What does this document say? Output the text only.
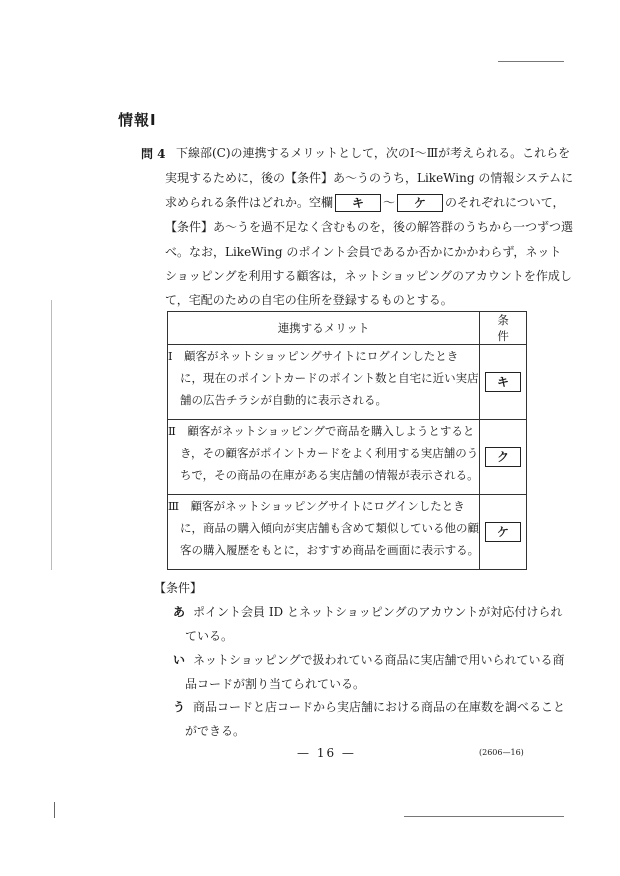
情報Ⅰ
問 4 下線部(C)の連携するメリットとして，次のⅠ～Ⅲが考えられる。これらを
実現するために，後の【条件】あ～うのうち，LikeWing の情報システムに
求められる条件はどれか。空欄 キ ～ ケ のそれぞれについて，
【条件】あ～うを過不足なく含むものを，後の解答群のうちから一つずつ選
べ。なお，LikeWing のポイント会員であるか否かにかかわらず，ネット
ショッピングを利用する顧客は，ネットショッピングのアカウントを作成し
て，宅配のための自宅の住所を登録するものとする。
連携するメリット	条件

Ⅰ　顧客がネットショッピングサイトにログインしたとき
に，現在のポイントカードのポイント数と自宅に近い実店
舗の広告チラシが自動的に表示される。	キ

Ⅱ　顧客がネットショッピングで商品を購入しようとすると
き，その顧客がポイントカードをよく利用する実店舗のう
ちで，その商品の在庫がある実店舗の情報が表示される。	ク

Ⅲ　顧客がネットショッピングサイトにログインしたとき
に，商品の購入傾向が実店舗も含めて類似している他の顧
客の購入履歴をもとに，おすすめ商品を画面に表示する。	ケ
【条件】
あ ポイント会員 ID とネットショッピングのアカウントが対応付けられ
ている。
い ネットショッピングで扱われている商品に実店舗で用いられている商
品コードが割り当てられている。
う 商品コードと店コードから実店舗における商品の在庫数を調べること
ができる。
— 16 —	(2606—16)
